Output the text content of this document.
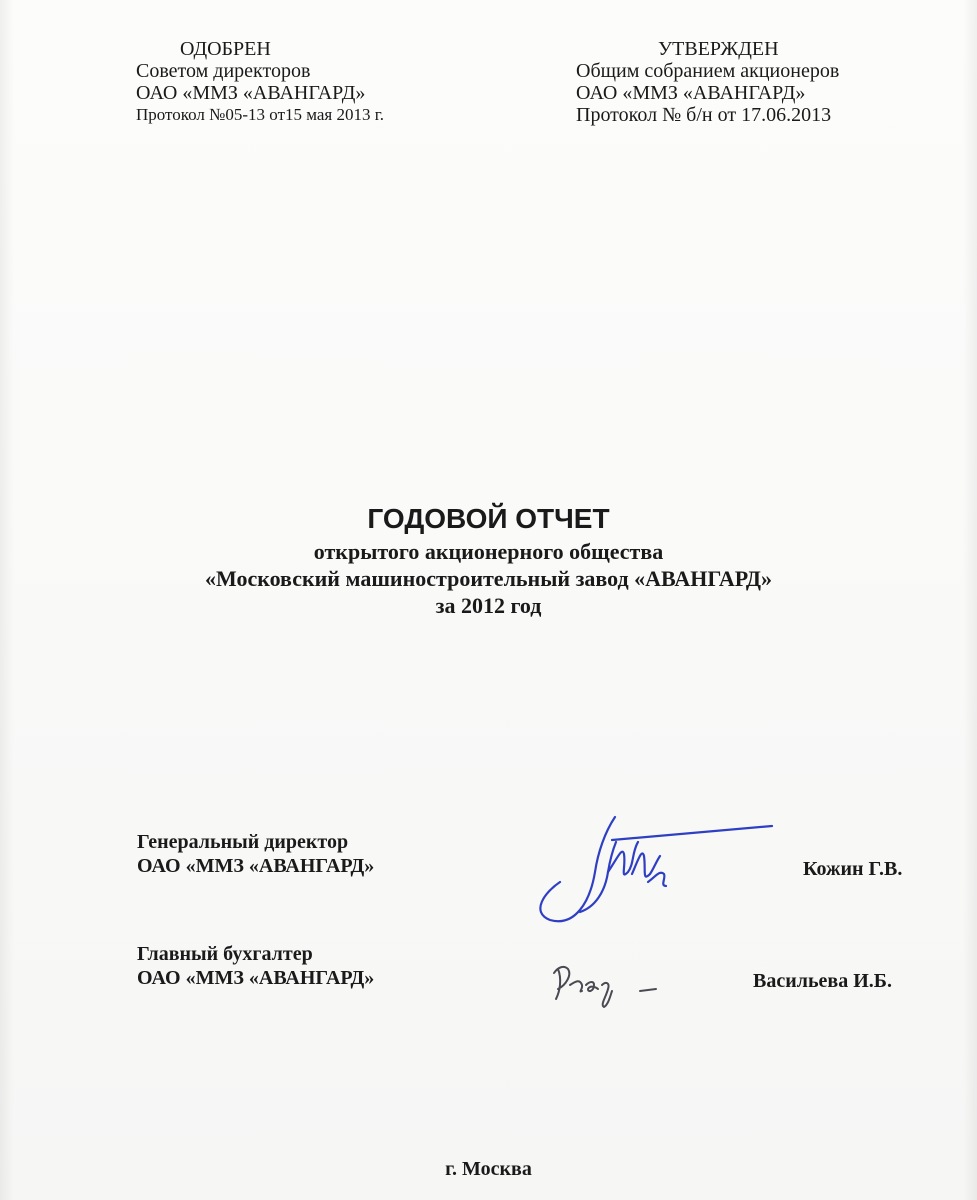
ОДОБРЕН
Советом директоров
ОАО «ММЗ «АВАНГАРД»
Протокол №05-13 от15 мая 2013 г.
УТВЕРЖДЕН
Общим собранием акционеров
ОАО «ММЗ «АВАНГАРД»
Протокол № б/н от 17.06.2013
ГОДОВОЙ ОТЧЕТ
открытого акционерного общества
«Московский машиностроительный завод «АВАНГАРД»
за 2012 год
Генеральный директор
ОАО «ММЗ «АВАНГАРД»	Кожин Г.В.
Главный бухгалтер
ОАО «ММЗ «АВАНГАРД»	Васильева И.Б.
г. Москва
